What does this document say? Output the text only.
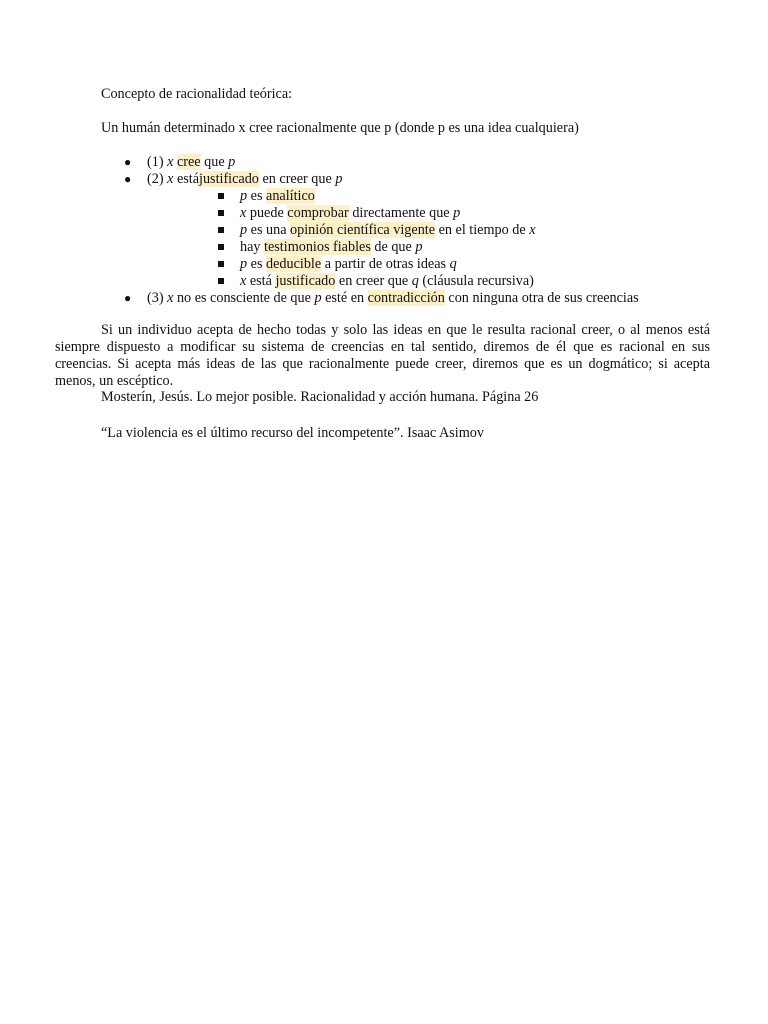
Concepto de racionalidad teórica:
Un humán determinado x cree racionalmente que p (donde p es una idea cualquiera)
● (1) x cree que p
● (2) x estájustificado en creer que p
p es analítico
x puede comprobar directamente que p
p es una opinión científica vigente en el tiempo de x
hay testimonios fiables de que p
p es deducible a partir de otras ideas q
x está justificado en creer que q (cláusula recursiva)
● (3) x no es consciente de que p esté en contradicción con ninguna otra de sus creencias
Si un individuo acepta de hecho todas y solo las ideas en que le resulta racional creer, o al menos está siempre dispuesto a modificar su sistema de creencias en tal sentido, diremos de él que es racional en sus creencias. Si acepta más ideas de las que racionalmente puede creer, diremos que es un dogmático; si acepta menos, un escéptico.
Mosterín, Jesús. Lo mejor posible. Racionalidad y acción humana. Página 26
“La violencia es el último recurso del incompetente”. Isaac Asimov
